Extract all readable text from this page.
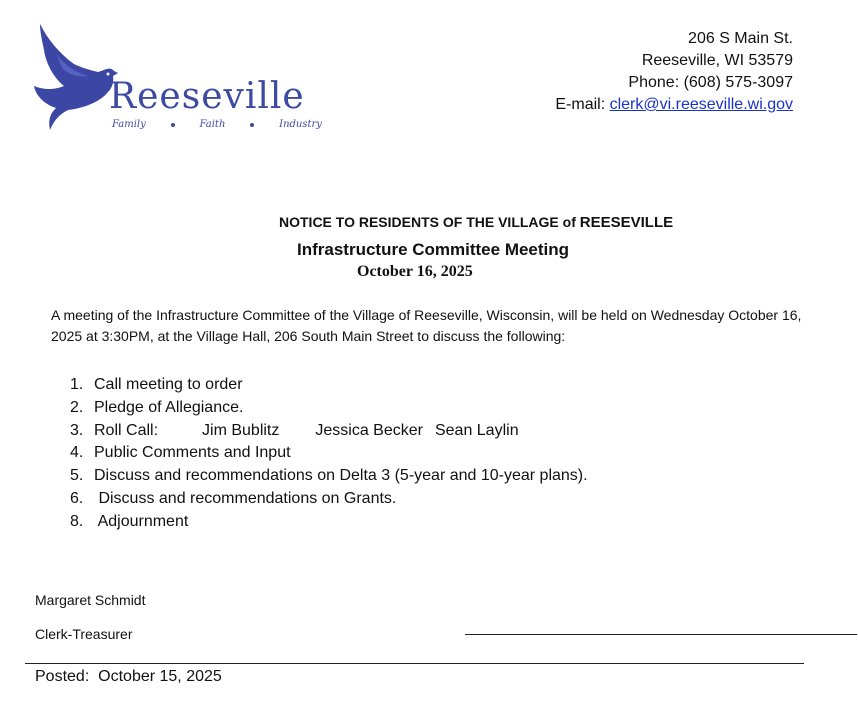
Reeseville
Family	Faith	Industry
206 S Main St.
Reeseville, WI 53579
Phone: (608) 575-3097
E-mail: clerk@vi.reeseville.wi.gov
NOTICE TO RESIDENTS OF THE VILLAGE of REESEVILLE
Infrastructure Committee Meeting
October 16, 2025
A meeting of the Infrastructure Committee of the Village of Reeseville, Wisconsin, will be held on Wednesday October 16, 2025 at 3:30PM, at the Village Hall, 206 South Main Street to discuss the following:
1. Call meeting to order
2. Pledge of Allegiance.
3. Roll Call:	Jim Bublitz Jessica Becker Sean Laylin
4. Public Comments and Input
5. Discuss and recommendations on Delta 3 (5-year and 10-year plans).
6. Discuss and recommendations on Grants.
8. Adjournment
Margaret Schmidt
Clerk-Treasurer
Posted:  October 15, 2025
